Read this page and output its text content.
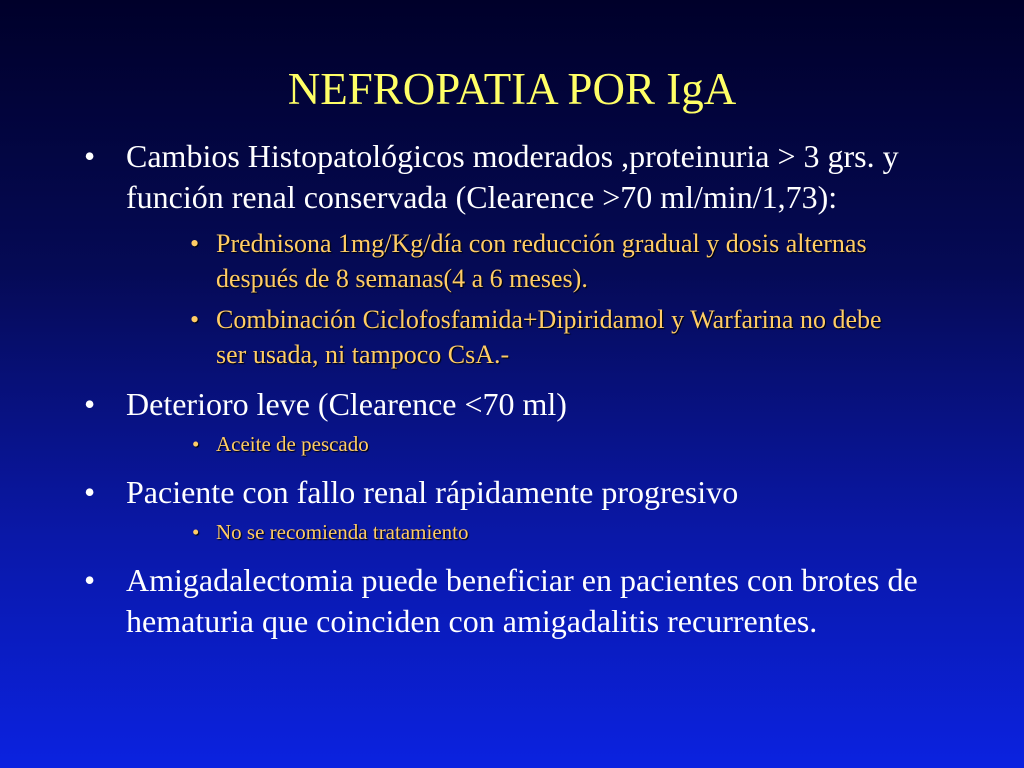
NEFROPATIA POR IgA
• Cambios Histopatológicos moderados ,proteinuria > 3 grs. y función renal conservada (Clearence >70 ml/min/1,73):
• Prednisona 1mg/Kg/día con reducción gradual y dosis alternas después de 8 semanas(4 a 6 meses).
• Combinación Ciclofosfamida+Dipiridamol y Warfarina no debe ser usada, ni tampoco CsA.-
• Deterioro leve (Clearence <70 ml)
• Aceite de pescado
• Paciente con fallo renal rápidamente progresivo
• No se recomienda tratamiento
• Amigadalectomia puede beneficiar en pacientes con brotes de hematuria que coinciden con amigadalitis recurrentes.
